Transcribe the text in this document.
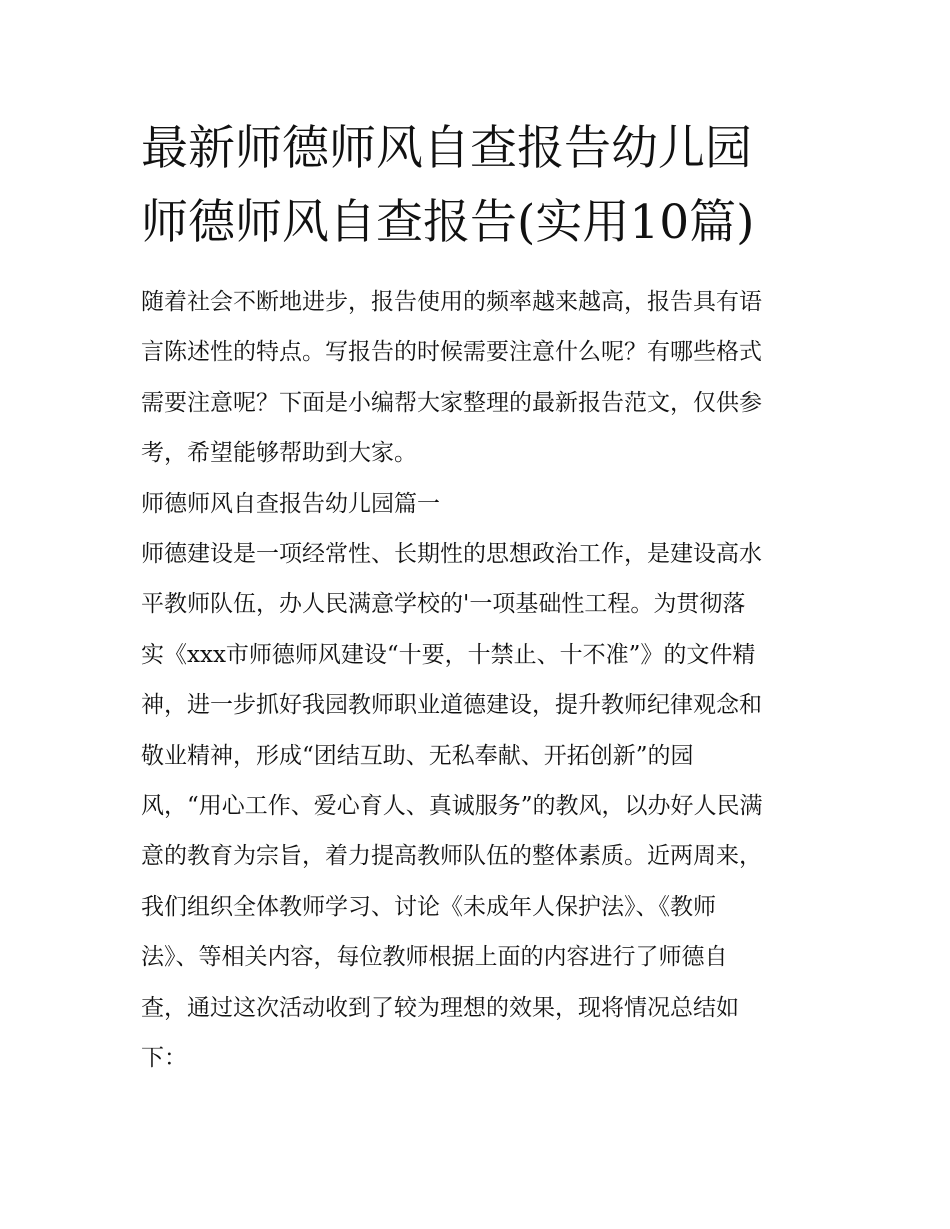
最新师德师风自查报告幼儿园
师德师风自查报告(实用10篇)

随着社会不断地进步，报告使用的频率越来越高，报告具有语
言陈述性的特点。写报告的时候需要注意什么呢？有哪些格式
需要注意呢？下面是小编帮大家整理的最新报告范文，仅供参
考，希望能够帮助到大家。

师德师风自查报告幼儿园篇一

师德建设是一项经常性、长期性的思想政治工作，是建设高水
平教师队伍，办人民满意学校的'一项基础性工程。为贯彻落
实《xxx市师德师风建设“十要，十禁止、十不准”》的文件精
神，进一步抓好我园教师职业道德建设，提升教师纪律观念和
敬业精神，形成“团结互助、无私奉献、开拓创新”的园
风，“用心工作、爱心育人、真诚服务”的教风，以办好人民满
意的教育为宗旨，着力提高教师队伍的整体素质。近两周来，
我们组织全体教师学习、讨论《未成年人保护法》、《教师
法》、等相关内容，每位教师根据上面的内容进行了师德自
查，通过这次活动收到了较为理想的效果，现将情况总结如
下：
